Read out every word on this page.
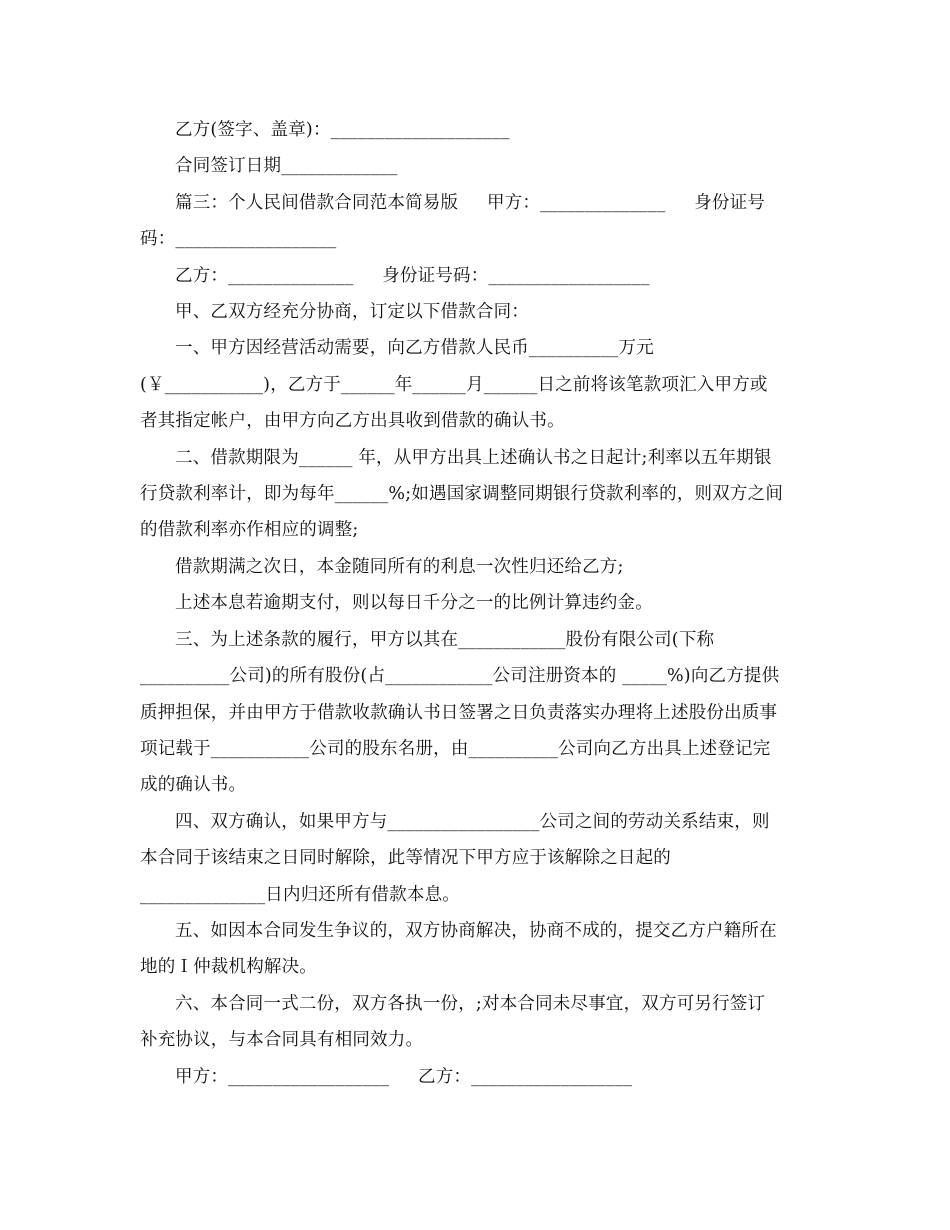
乙方(签字、盖章)：____________________
合同签订日期_____________
篇三：个人民间借款合同范本简易版     甲方：______________     身份证号
码：__________________
乙方：______________     身份证号码：__________________
甲、乙双方经充分协商，订定以下借款合同：
一、甲方因经营活动需要，向乙方借款人民币__________万元
(￥___________)，乙方于______年______月______日之前将该笔款项汇入甲方或
者其指定帐户，由甲方向乙方出具收到借款的确认书。
二、借款期限为______ 年，从甲方出具上述确认书之日起计;利率以五年期银
行贷款利率计，即为每年______%;如遇国家调整同期银行贷款利率的，则双方之间
的借款利率亦作相应的调整;
借款期满之次日，本金随同所有的利息一次性归还给乙方;
上述本息若逾期支付，则以每日千分之一的比例计算违约金。
三、为上述条款的履行，甲方以其在____________股份有限公司(下称
__________公司)的所有股份(占____________公司注册资本的 _____%)向乙方提供
质押担保，并由甲方于借款收款确认书日签署之日负责落实办理将上述股份出质事
项记载于___________公司的股东名册，由__________公司向乙方出具上述登记完
成的确认书。
四、双方确认，如果甲方与_________________公司之间的劳动关系结束，则
本合同于该结束之日同时解除，此等情况下甲方应于该解除之日起的
______________日内归还所有借款本息。
五、如因本合同发生争议的，双方协商解决，协商不成的，提交乙方户籍所在
地的Ｉ仲裁机构解决。
六、本合同一式二份，双方各执一份，;对本合同未尽事宜，双方可另行签订
补充协议，与本合同具有相同效力。
甲方：__________________     乙方：__________________
